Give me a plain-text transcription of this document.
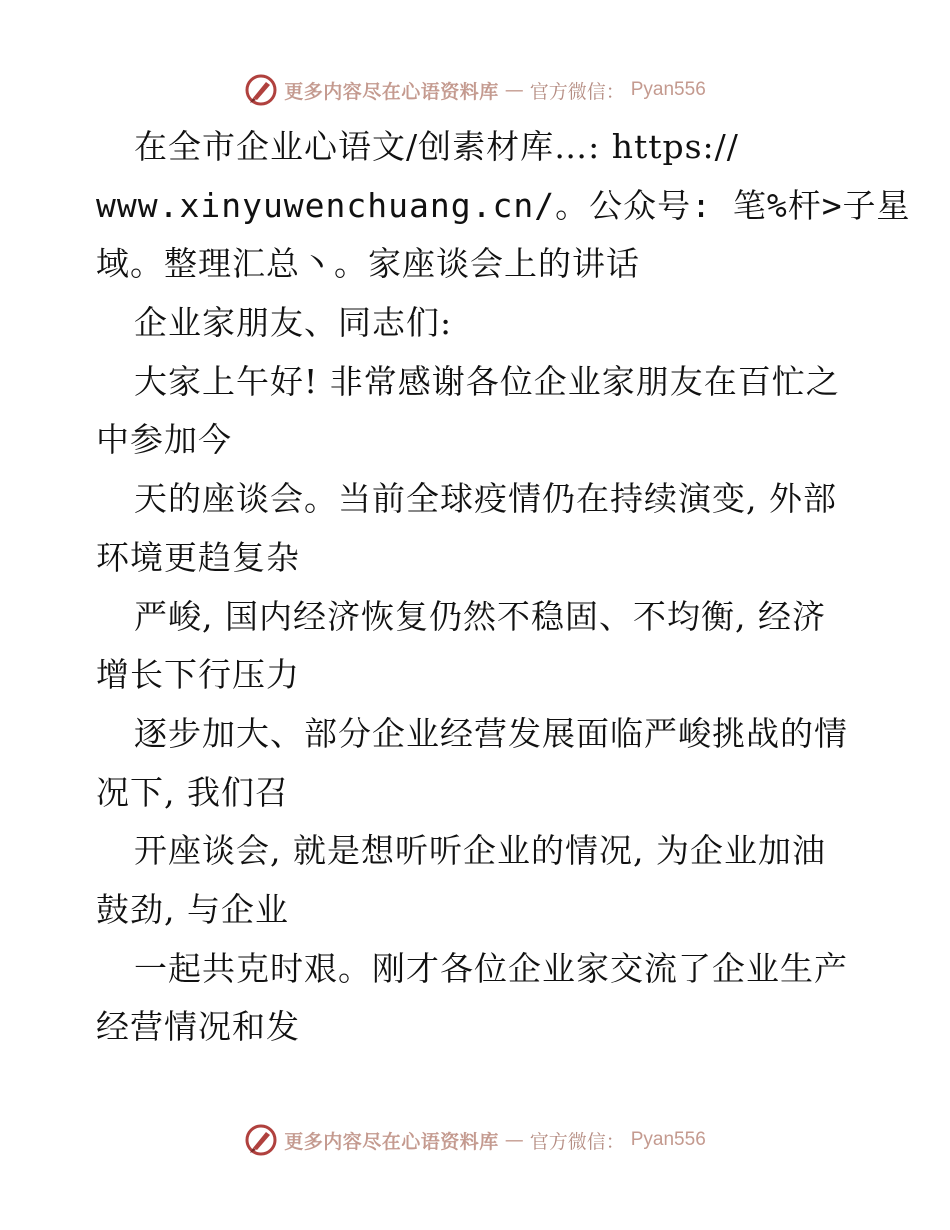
更多内容尽在心语资料库 — 官方微信： Pyan556
在全市企业心语文/创素材库…: https://
www.xinyuwenchuang.cn/。公众号: 笔%杆>子星
域。整理汇总丶。家座谈会上的讲话
企业家朋友、同志们:
大家上午好! 非常感谢各位企业家朋友在百忙之
中参加今
天的座谈会。当前全球疫情仍在持续演变, 外部
环境更趋复杂
严峻, 国内经济恢复仍然不稳固、不均衡, 经济
增长下行压力
逐步加大、部分企业经营发展面临严峻挑战的情
况下, 我们召
开座谈会, 就是想听听企业的情况, 为企业加油
鼓劲, 与企业
一起共克时艰。刚才各位企业家交流了企业生产
经营情况和发
更多内容尽在心语资料库 — 官方微信： Pyan556
